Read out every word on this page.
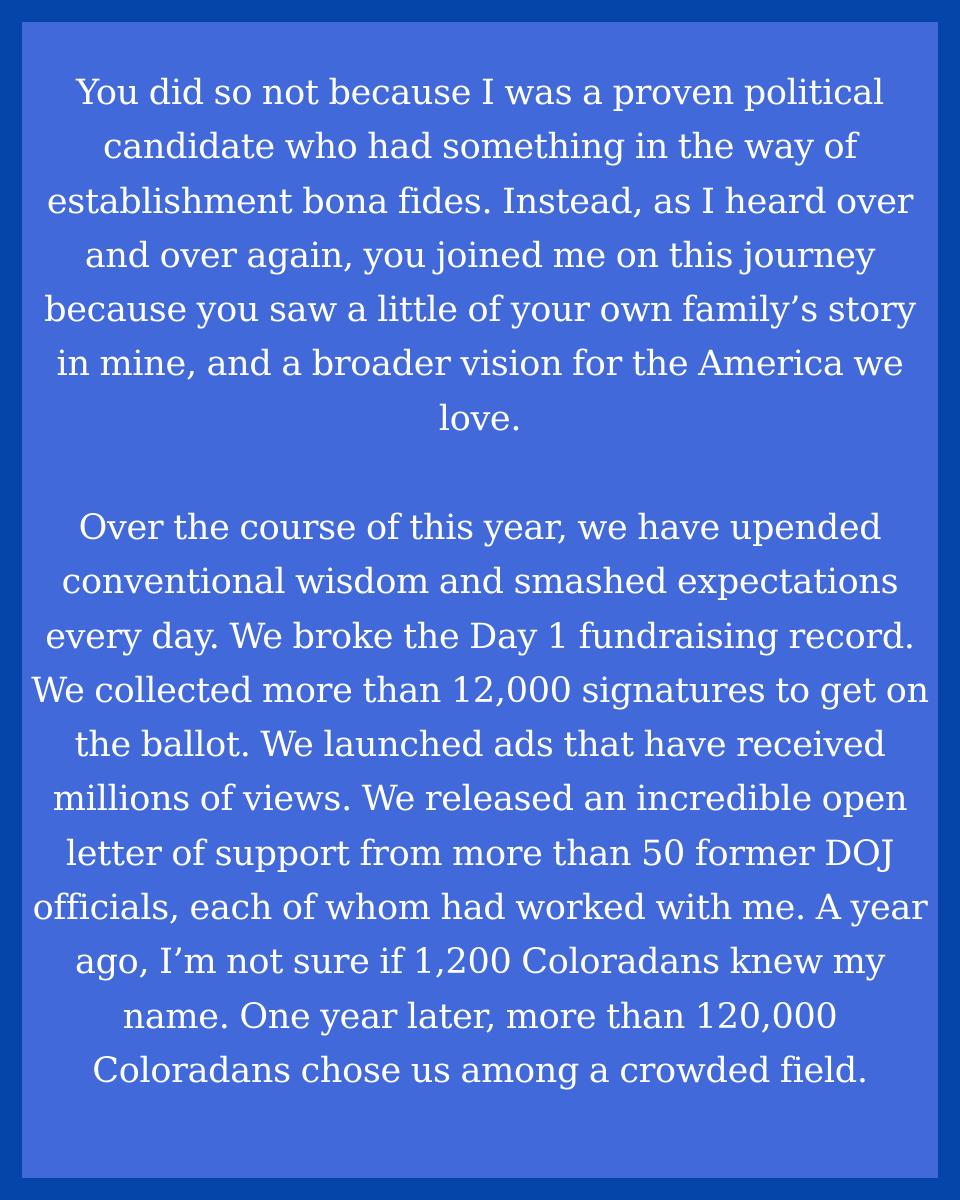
You did so not because I was a proven political candidate who had something in the way of establishment bona fides. Instead, as I heard over and over again, you joined me on this journey because you saw a little of your own family’s story in mine, and a broader vision for the America we love.

Over the course of this year, we have upended conventional wisdom and smashed expectations every day. We broke the Day 1 fundraising record. We collected more than 12,000 signatures to get on the ballot. We launched ads that have received millions of views. We released an incredible open letter of support from more than 50 former DOJ officials, each of whom had worked with me. A year ago, I’m not sure if 1,200 Coloradans knew my name. One year later, more than 120,000 Coloradans chose us among a crowded field.
